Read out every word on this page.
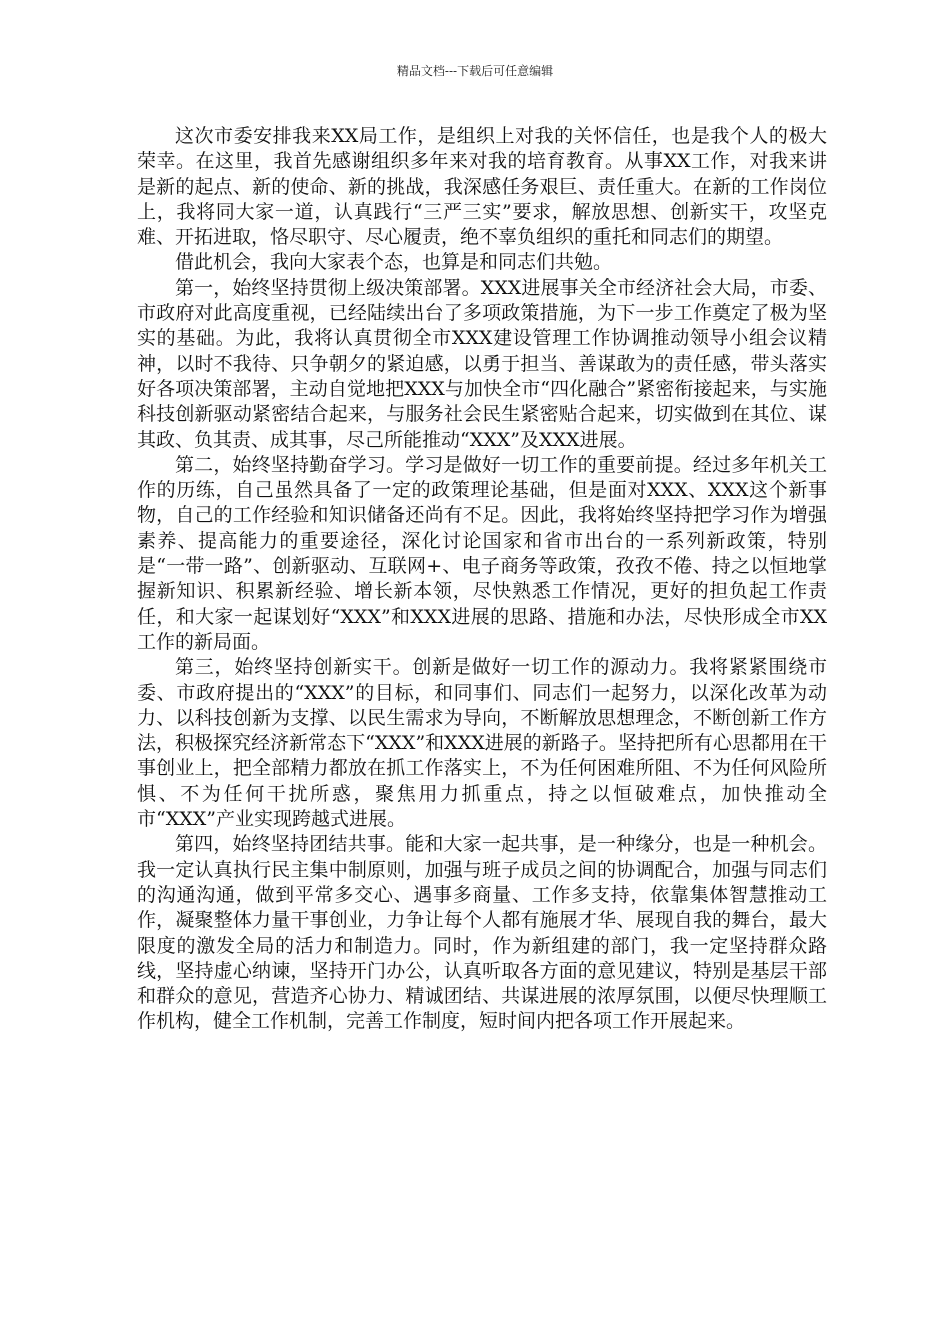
精品文档---下载后可任意编辑

这次市委安排我来XX局工作，是组织上对我的关怀信任，也是我个人的极大荣幸。在这里，我首先感谢组织多年来对我的培育教育。从事XX工作，对我来讲是新的起点、新的使命、新的挑战，我深感任务艰巨、责任重大。在新的工作岗位上，我将同大家一道，认真践行“三严三实”要求，解放思想、创新实干，攻坚克难、开拓进取，恪尽职守、尽心履责，绝不辜负组织的重托和同志们的期望。

借此机会，我向大家表个态，也算是和同志们共勉。

第一，始终坚持贯彻上级决策部署。XXX进展事关全市经济社会大局，市委、市政府对此高度重视，已经陆续出台了多项政策措施，为下一步工作奠定了极为坚实的基础。为此，我将认真贯彻全市XXX建设管理工作协调推动领导小组会议精神，以时不我待、只争朝夕的紧迫感，以勇于担当、善谋敢为的责任感，带头落实好各项决策部署，主动自觉地把XXX与加快全市“四化融合”紧密衔接起来，与实施科技创新驱动紧密结合起来，与服务社会民生紧密贴合起来，切实做到在其位、谋其政、负其责、成其事，尽己所能推动“XXX”及XXX进展。

第二，始终坚持勤奋学习。学习是做好一切工作的重要前提。经过多年机关工作的历练，自己虽然具备了一定的政策理论基础，但是面对XXX、XXX这个新事物，自己的工作经验和知识储备还尚有不足。因此，我将始终坚持把学习作为增强素养、提高能力的重要途径，深化讨论国家和省市出台的一系列新政策，特别是“一带一路”、创新驱动、互联网+、电子商务等政策，孜孜不倦、持之以恒地掌握新知识、积累新经验、增长新本领，尽快熟悉工作情况，更好的担负起工作责任，和大家一起谋划好“XXX”和XXX进展的思路、措施和办法，尽快形成全市XX工作的新局面。

第三，始终坚持创新实干。创新是做好一切工作的源动力。我将紧紧围绕市委、市政府提出的“XXX”的目标，和同事们、同志们一起努力，以深化改革为动力、以科技创新为支撑、以民生需求为导向，不断解放思想理念，不断创新工作方法，积极探究经济新常态下“XXX”和XXX进展的新路子。坚持把所有心思都用在干事创业上，把全部精力都放在抓工作落实上，不为任何困难所阻、不为任何风险所惧、不为任何干扰所惑，聚焦用力抓重点，持之以恒破难点，加快推动全市“XXX”产业实现跨越式进展。

第四，始终坚持团结共事。能和大家一起共事，是一种缘分，也是一种机会。我一定认真执行民主集中制原则，加强与班子成员之间的协调配合，加强与同志们的沟通沟通，做到平常多交心、遇事多商量、工作多支持，依靠集体智慧推动工作，凝聚整体力量干事创业，力争让每个人都有施展才华、展现自我的舞台，最大限度的激发全局的活力和制造力。同时，作为新组建的部门，我一定坚持群众路线，坚持虚心纳谏，坚持开门办公，认真听取各方面的意见建议，特别是基层干部和群众的意见，营造齐心协力、精诚团结、共谋进展的浓厚氛围，以便尽快理顺工作机构，健全工作机制，完善工作制度，短时间内把各项工作开展起来。
